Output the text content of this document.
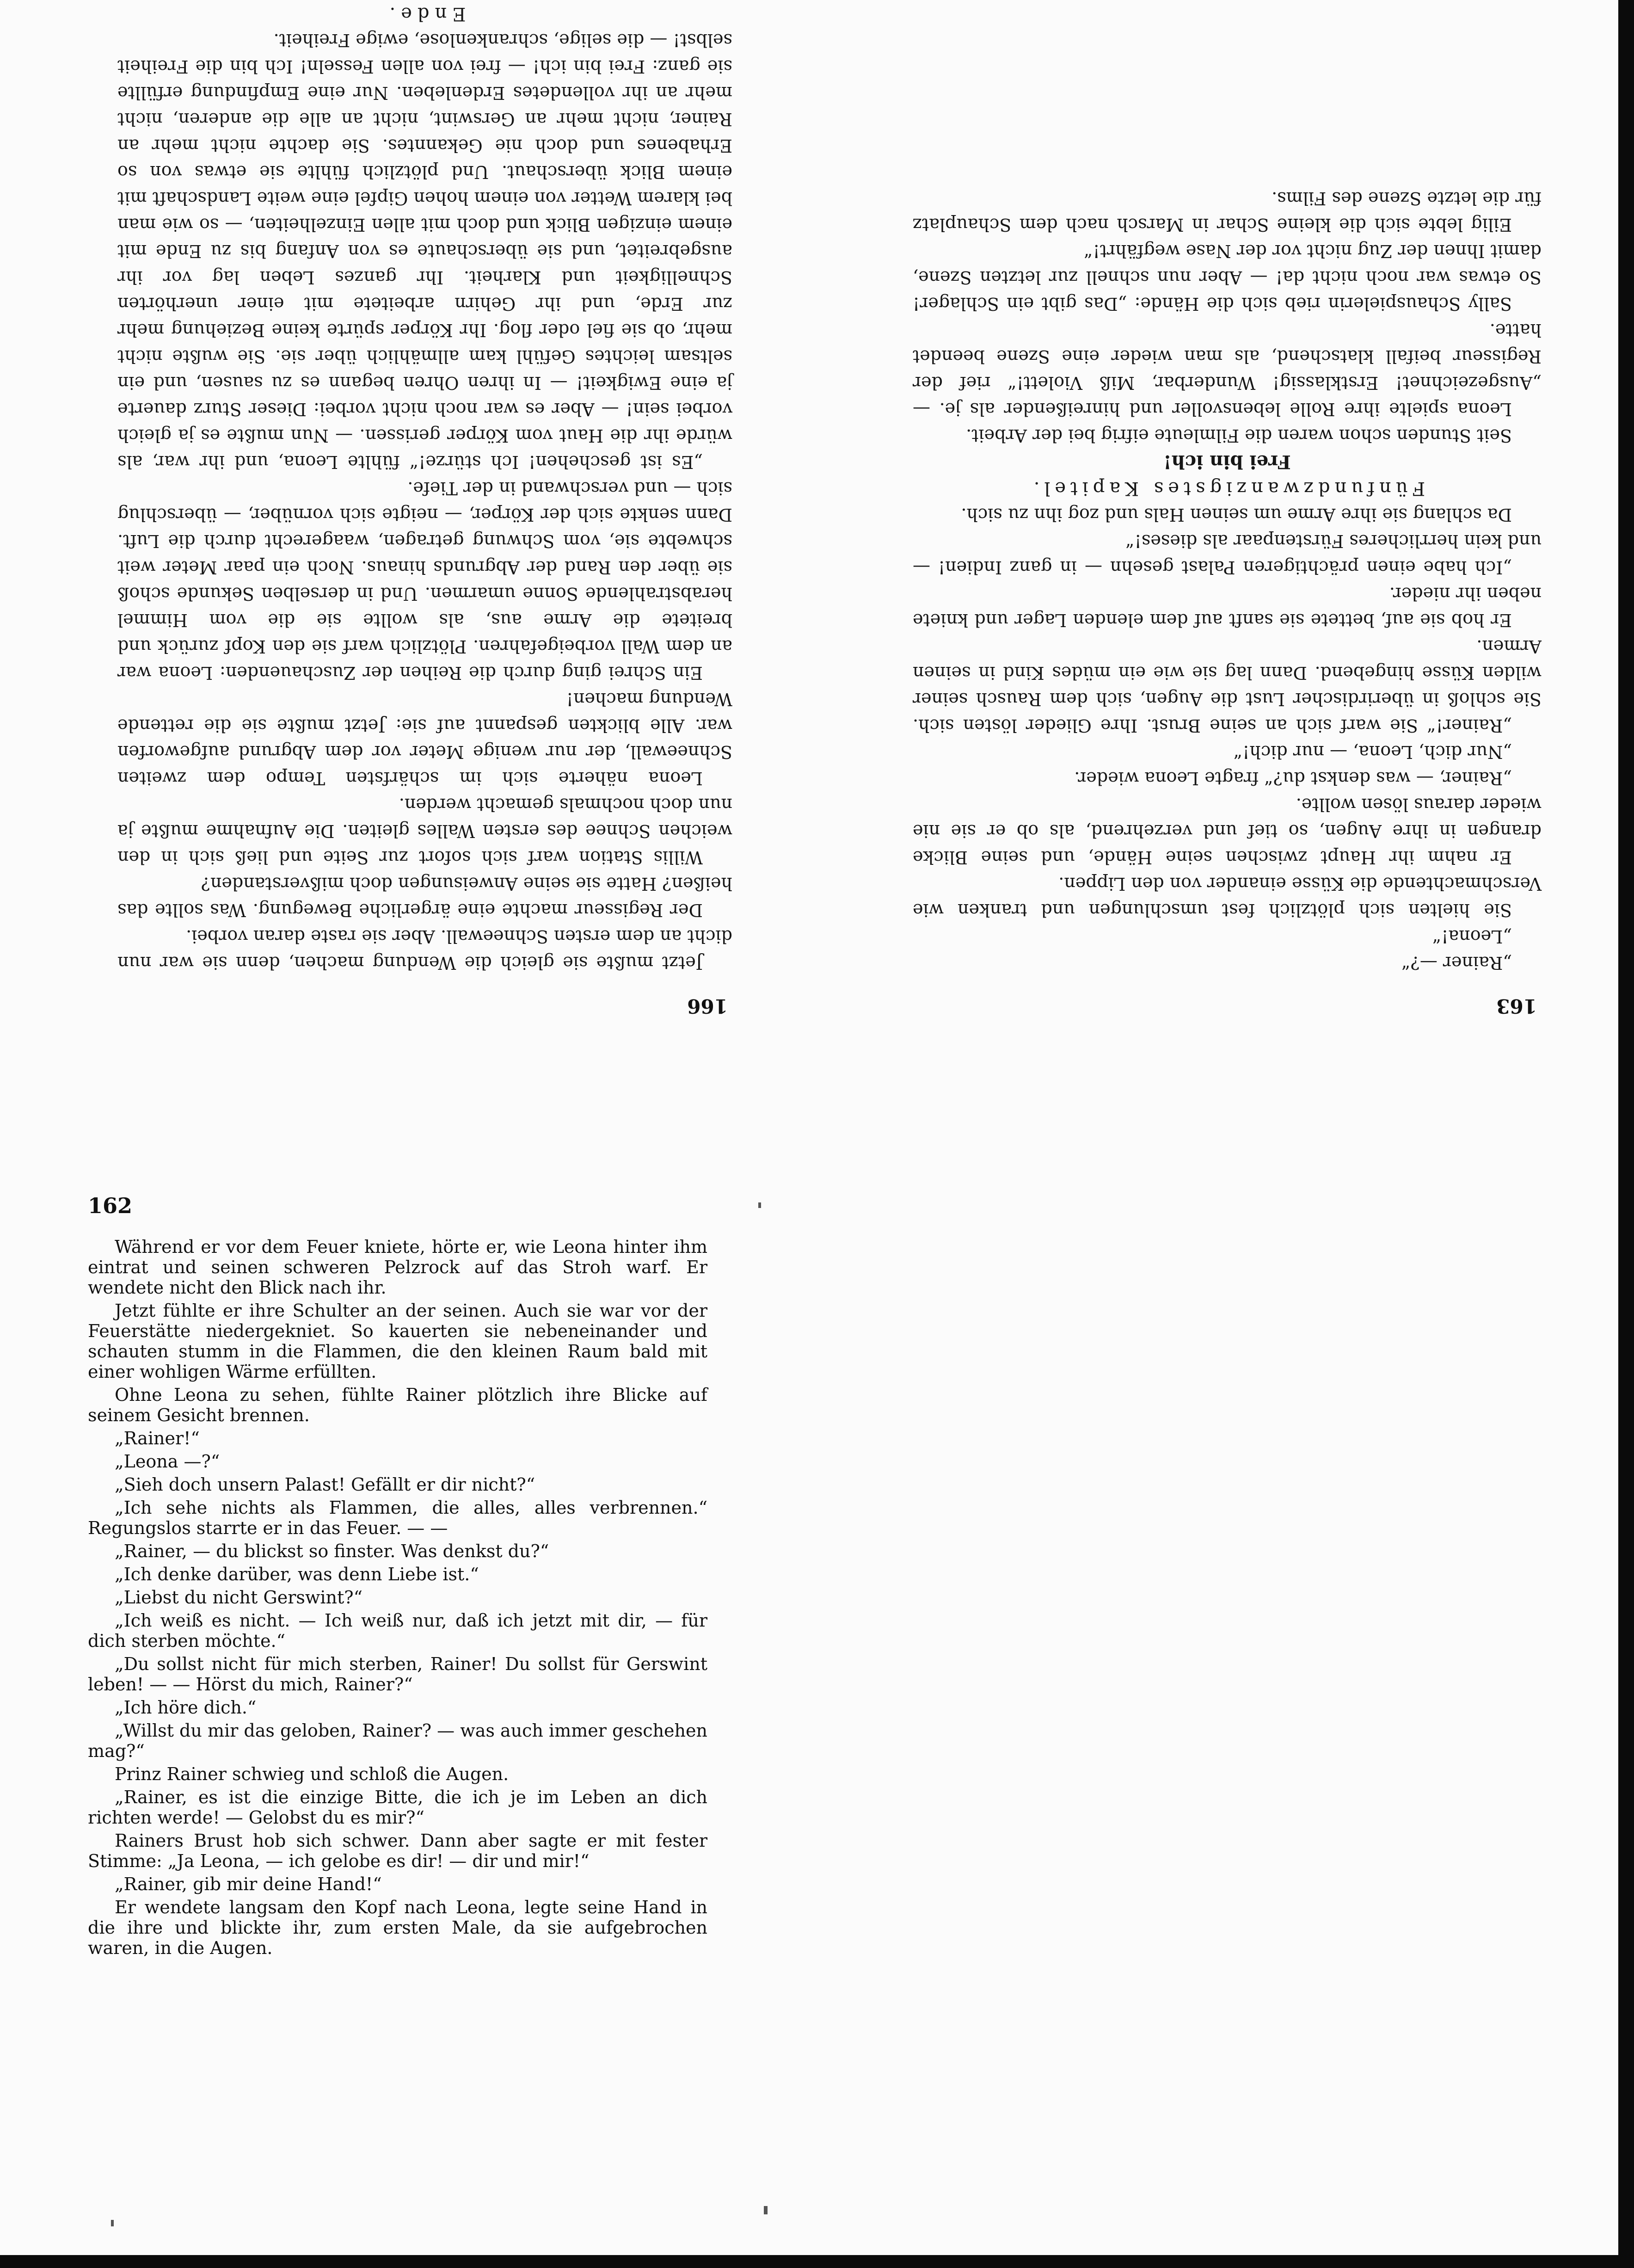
163

„Rainer —?“

„Leona!“

Sie hielten sich plötzlich fest umschlungen und tranken wie Verschmachtende die Küsse einander von den Lippen.

Er nahm ihr Haupt zwischen seine Hände, und seine Blicke drangen in ihre Augen, so tief und verzehrend, als ob er sie nie wieder daraus lösen wollte.

„Rainer, — was denkst du?“ fragte Leona wieder.

„Nur dich, Leona, — nur dich!“

„Rainer!“ Sie warf sich an seine Brust. Ihre Glieder lösten sich. Sie schloß in überirdischer Lust die Augen, sich dem Rausch seiner wilden Küsse hingebend. Dann lag sie wie ein müdes Kind in seinen Armen.

Er hob sie auf, bettete sie sanft auf dem elenden Lager und kniete neben ihr nieder.

„Ich habe einen prächtigeren Palast gesehn — in ganz Indien! — und kein herrlicheres Fürstenpaar als dieses!“

Da schlang sie ihre Arme um seinen Hals und zog ihn zu sich.

Fünfundzwanzigstes Kapitel.

Frei bin ich!

Seit Stunden schon waren die Filmleute eifrig bei der Arbeit.

Leona spielte ihre Rolle lebensvoller und hinreißender als je. — „Ausgezeichnet! Erstklassig! Wunderbar, Miß Violett!“ rief der Regisseur beifall klatschend, als man wieder eine Szene beendet hatte.

Sally Schauspielerin rieb sich die Hände: „Das gibt ein Schlager! So etwas war noch nicht da! — Aber nun schnell zur letzten Szene, damit Ihnen der Zug nicht vor der Nase wegfährt!“

Eilig lebte sich die kleine Schar in Marsch nach dem Schauplatz für die letzte Szene des Films.

166

Jetzt mußte sie gleich die Wendung machen, denn sie war nun dicht an dem ersten Schneewall. Aber sie raste daran vorbei.

Der Regisseur machte eine ärgerliche Bewegung. Was sollte das heißen? Hatte sie seine Anweisungen doch mißverstanden?

Willis Station warf sich sofort zur Seite und ließ sich in den weichen Schnee des ersten Walles gleiten. Die Aufnahme mußte ja nun doch nochmals gemacht werden.

Leona näherte sich im schärfsten Tempo dem zweiten Schneewall, der nur wenige Meter vor dem Abgrund aufgeworfen war. Alle blickten gespannt auf sie: Jetzt mußte sie die rettende Wendung machen!

Ein Schrei ging durch die Reihen der Zuschauenden: Leona war an dem Wall vorbeigefahren. Plötzlich warf sie den Kopf zurück und breitete die Arme aus, als wollte sie die vom Himmel herabstrahlende Sonne umarmen. Und in derselben Sekunde schoß sie über den Rand der Abgrunds hinaus. Noch ein paar Meter weit schwebte sie, vom Schwung getragen, waagerecht durch die Luft. Dann senkte sich der Körper, — neigte sich vornüber, — überschlug sich — und verschwand in der Tiefe.

„Es ist geschehen! Ich stürze!“ fühlte Leona, und ihr war, als würde ihr die Haut vom Körper gerissen. — Nun mußte es ja gleich vorbei sein! — Aber es war noch nicht vorbei: Dieser Sturz dauerte ja eine Ewigkeit! — In ihren Ohren begann es zu sausen, und ein seltsam leichtes Gefühl kam allmählich über sie. Sie wußte nicht mehr, ob sie fiel oder flog. Ihr Körper spürte keine Beziehung mehr zur Erde, und ihr Gehirn arbeitete mit einer unerhörten Schnelligkeit und Klarheit. Ihr ganzes Leben lag vor ihr ausgebreitet, und sie überschaute es von Anfang bis zu Ende mit einem einzigen Blick und doch mit allen Einzelheiten, — so wie man bei klarem Wetter von einem hohen Gipfel eine weite Landschaft mit einem Blick überschaut. Und plötzlich fühlte sie etwas von so Erhabenes und doch nie Gekanntes. Sie dachte nicht mehr an Rainer, nicht mehr an Gerswint, nicht an alle die anderen, nicht mehr an ihr vollendetes Erdenleben. Nur eine Empfindung erfüllte sie ganz: Frei bin ich! — frei von allen Fesseln! Ich bin die Freiheit selbst! — die selige, schrankenlose, ewige Freiheit.

Ende.

162

Während er vor dem Feuer kniete, hörte er, wie Leona hinter ihm eintrat und seinen schweren Pelzrock auf das Stroh warf. Er wendete nicht den Blick nach ihr.

Jetzt fühlte er ihre Schulter an der seinen. Auch sie war vor der Feuerstätte niedergekniet. So kauerten sie nebeneinander und schauten stumm in die Flammen, die den kleinen Raum bald mit einer wohligen Wärme erfüllten.

Ohne Leona zu sehen, fühlte Rainer plötzlich ihre Blicke auf seinem Gesicht brennen.

„Rainer!“

„Leona —?“

„Sieh doch unsern Palast! Gefällt er dir nicht?“

„Ich sehe nichts als Flammen, die alles, alles verbrennen.“ Regungslos starrte er in das Feuer. — —

„Rainer, — du blickst so finster. Was denkst du?“

„Ich denke darüber, was denn Liebe ist.“

„Liebst du nicht Gerswint?“

„Ich weiß es nicht. — Ich weiß nur, daß ich jetzt mit dir, — für dich sterben möchte.“

„Du sollst nicht für mich sterben, Rainer! Du sollst für Gerswint leben! — — Hörst du mich, Rainer?“

„Ich höre dich.“

„Willst du mir das geloben, Rainer? — was auch immer geschehen mag?“

Prinz Rainer schwieg und schloß die Augen.

„Rainer, es ist die einzige Bitte, die ich je im Leben an dich richten werde! — Gelobst du es mir?“

Rainers Brust hob sich schwer. Dann aber sagte er mit fester Stimme: „Ja Leona, — ich gelobe es dir! — dir und mir!“

„Rainer, gib mir deine Hand!“

Er wendete langsam den Kopf nach Leona, legte seine Hand in die ihre und blickte ihr, zum ersten Male, da sie aufgebrochen waren, in die Augen.
